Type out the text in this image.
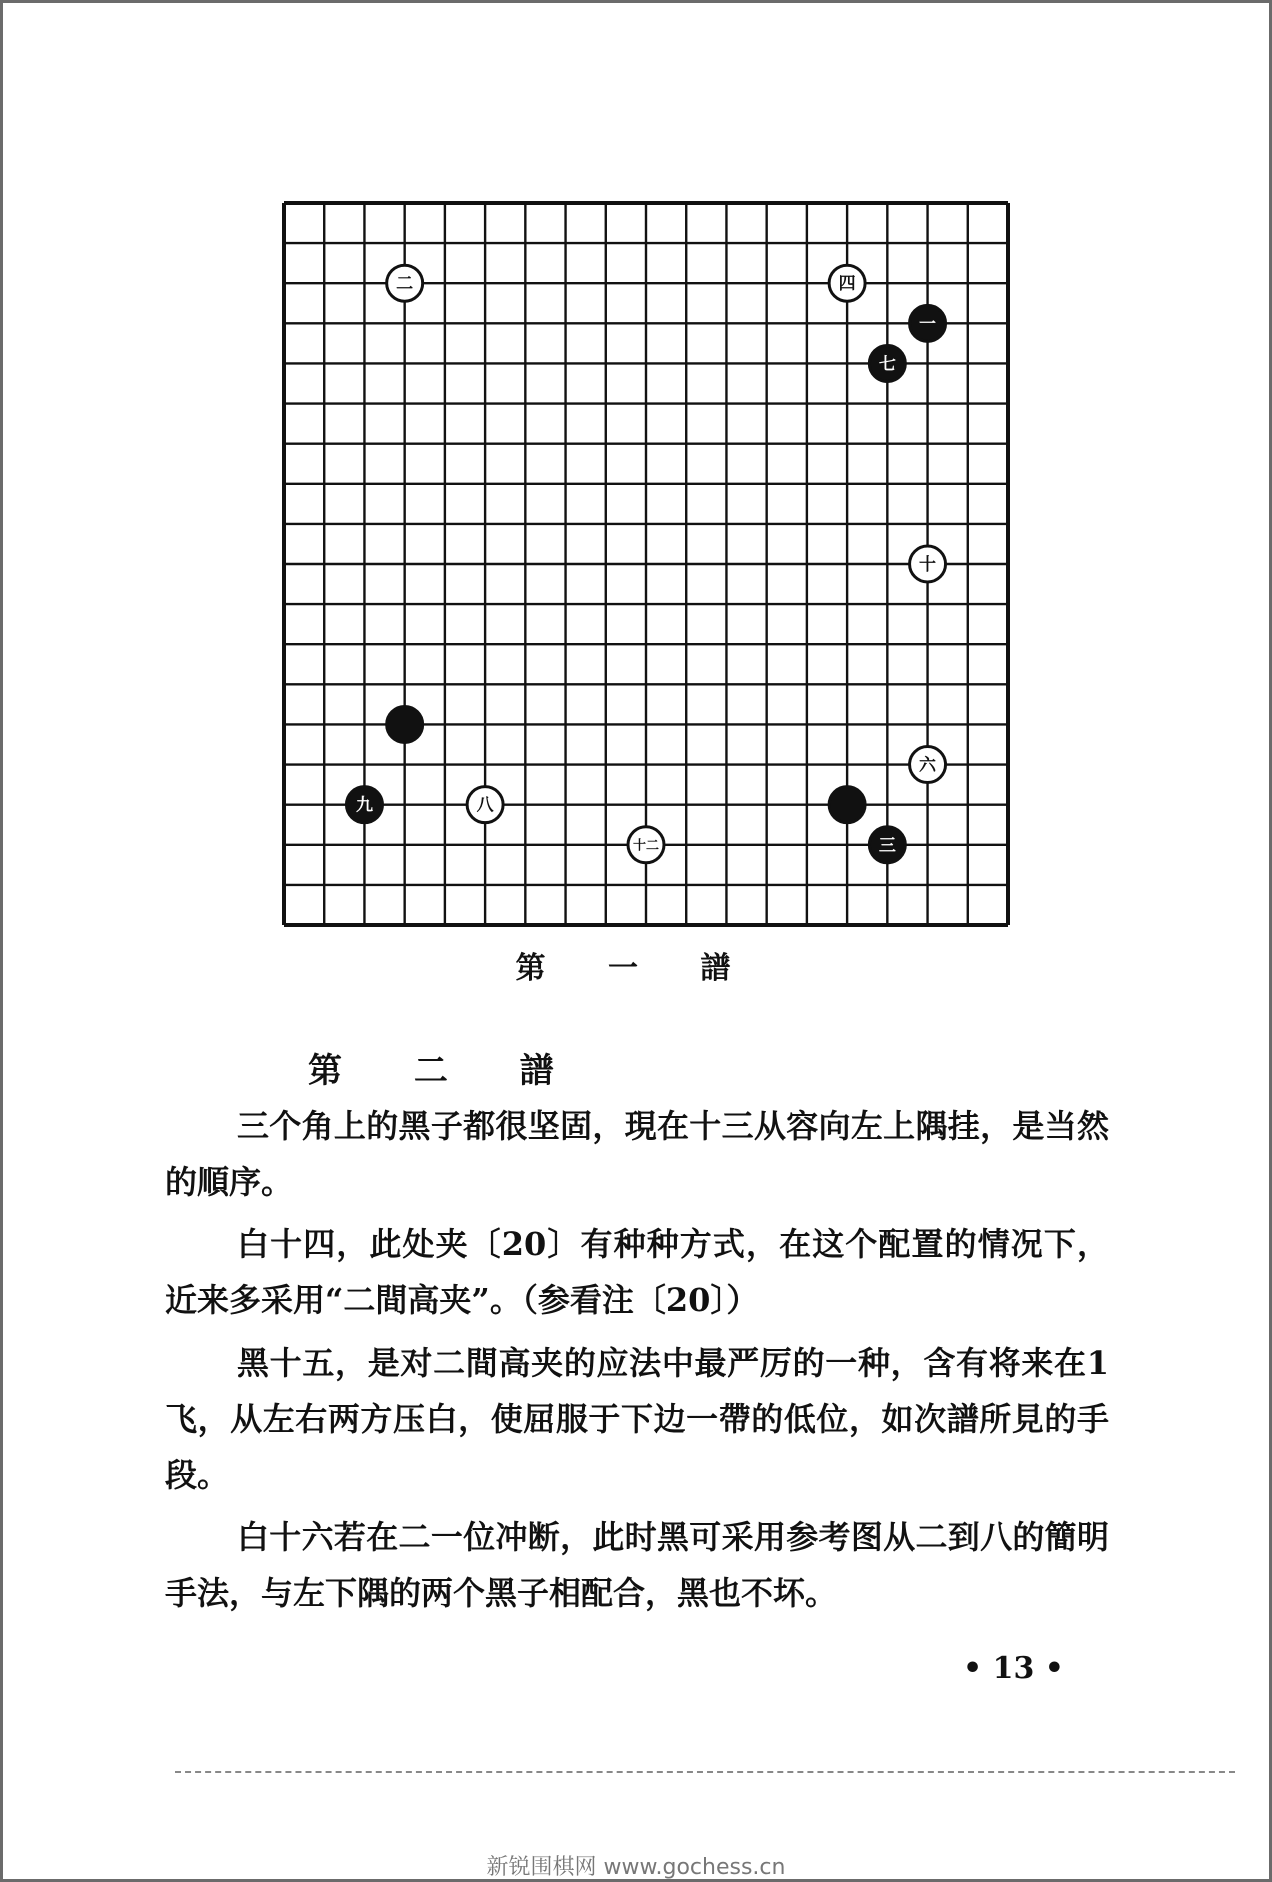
二	四
一
七
十
六
九	八
十二	三
第 一 譜
第 二 譜
三个角上的黑子都很坚固，現在十三从容向左上隅挂，是当然的順序。
白十四，此处夹〔20〕有种种方式，在这个配置的情况下，近来多采用“二間高夹”。（参看注〔20〕）
黑十五，是对二間高夹的应法中最严厉的一种，含有将来在1飞，从左右两方压白，使屈服于下边一帶的低位，如次譜所見的手段。
白十六若在二一位冲断，此时黑可采用参考图从二到八的簡明手法，与左下隅的两个黑子相配合，黑也不坏。
• 13 •
新锐围棋网 www.gochess.cn
